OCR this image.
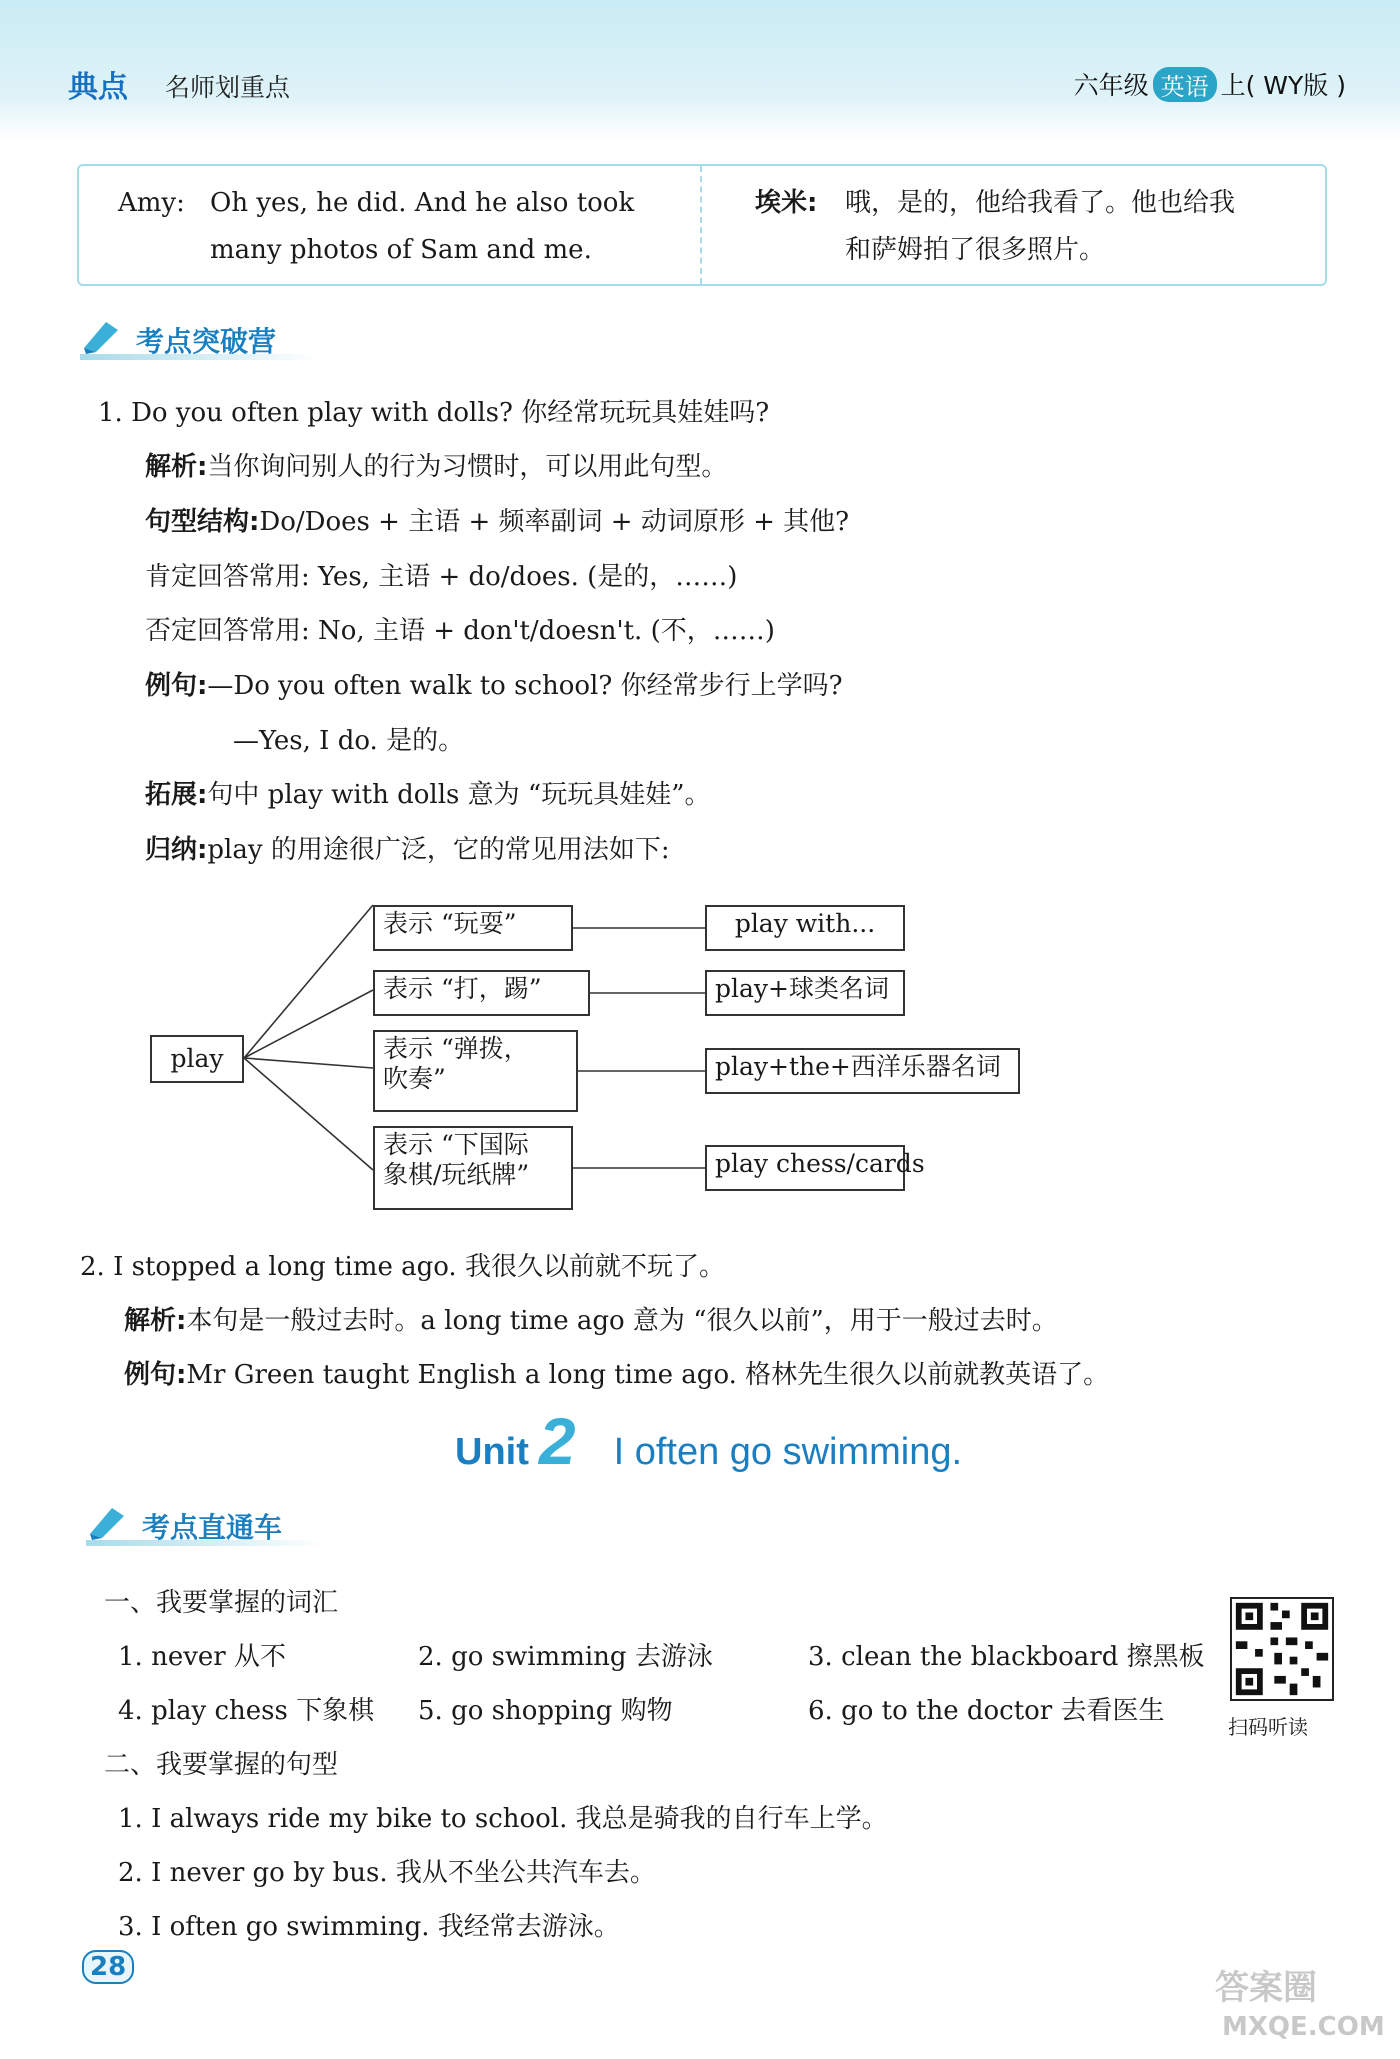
典点 名师划重点	六年级 英语 上( WY版 )
Amy: Oh yes, he did. And he also took
many photos of Sam and me.
埃米: 哦，是的，他给我看了。他也给我
和萨姆拍了很多照片。
考点突破营
1. Do you often play with dolls? 你经常玩玩具娃娃吗?
解析:当你询问别人的行为习惯时，可以用此句型。
句型结构:Do/Does + 主语 + 频率副词 + 动词原形 + 其他?
肯定回答常用: Yes, 主语 + do/does. (是的，……)
否定回答常用: No, 主语 + don't/doesn't. (不，……)
例句:—Do you often walk to school? 你经常步行上学吗?
—Yes, I do. 是的。
拓展:句中 play with dolls 意为 “玩玩具娃娃”。
归纳:play 的用途很广泛，它的常见用法如下:
play
表示 “玩耍”
表示 “打，踢”
表示 “弹拨，
吹奏”
表示 “下国际
象棋/玩纸牌”
play with...
play+球类名词
play+the+西洋乐器名词
play chess/cards
2. I stopped a long time ago. 我很久以前就不玩了。
解析:本句是一般过去时。a long time ago 意为 “很久以前”，用于一般过去时。
例句:Mr Green taught English a long time ago. 格林先生很久以前就教英语了。
Unit 2 I often go swimming.
考点直通车
一、我要掌握的词汇
1. never 从不	2. go swimming 去游泳	3. clean the blackboard 擦黑板
4. play chess 下象棋 5. go shopping 购物	6. go to the doctor 去看医生
扫码听读
二、我要掌握的句型
1. I always ride my bike to school. 我总是骑我的自行车上学。
2. I never go by bus. 我从不坐公共汽车去。
3. I often go swimming. 我经常去游泳。
28
答案圈
MXQE.COM
